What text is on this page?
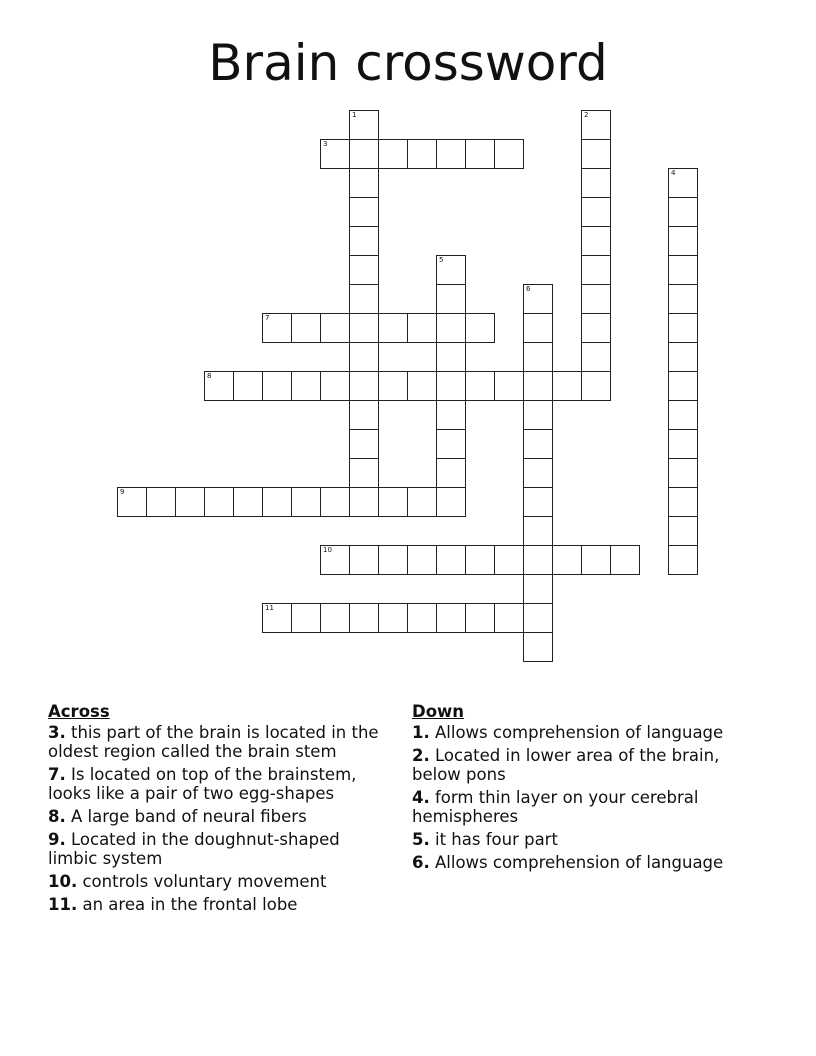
Brain crossword
1	2
3
4
5
6
7
8
9
10
11
Across
3. this part of the brain is located in the oldest region called the brain stem
7. Is located on top of the brainstem, looks like a pair of two egg-shapes
8. A large band of neural fibers
9. Located in the doughnut-shaped limbic system
10. controls voluntary movement
11. an area in the frontal lobe
Down
1. Allows comprehension of language
2. Located in lower area of the brain, below pons
4. form thin layer on your cerebral hemispheres
5. it has four part
6. Allows comprehension of language
